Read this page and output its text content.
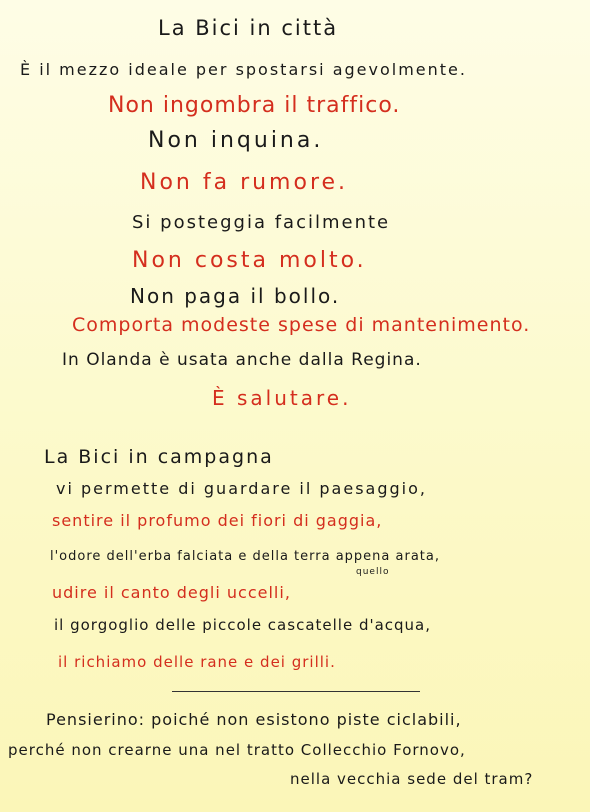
La Bici in città
È il mezzo ideale per spostarsi agevolmente.
Non ingombra il traffico.
Non inquina.
Non fa rumore.
Si posteggia facilmente
Non costa molto.
Non paga il bollo.
Comporta modeste spese di mantenimento.
In Olanda è usata anche dalla Regina.
È salutare.
La Bici in campagna
vi permette di guardare il paesaggio,
sentire il profumo dei fiori di gaggia,
l'odore dell'erba falciata e della terra appena arata,
quello
udire il canto degli uccelli,
il gorgoglio delle piccole cascatelle d'acqua,
il richiamo delle rane e dei grilli.
Pensierino: poiché non esistono piste ciclabili,
perché non crearne una nel tratto Collecchio Fornovo,
nella vecchia sede del tram?
